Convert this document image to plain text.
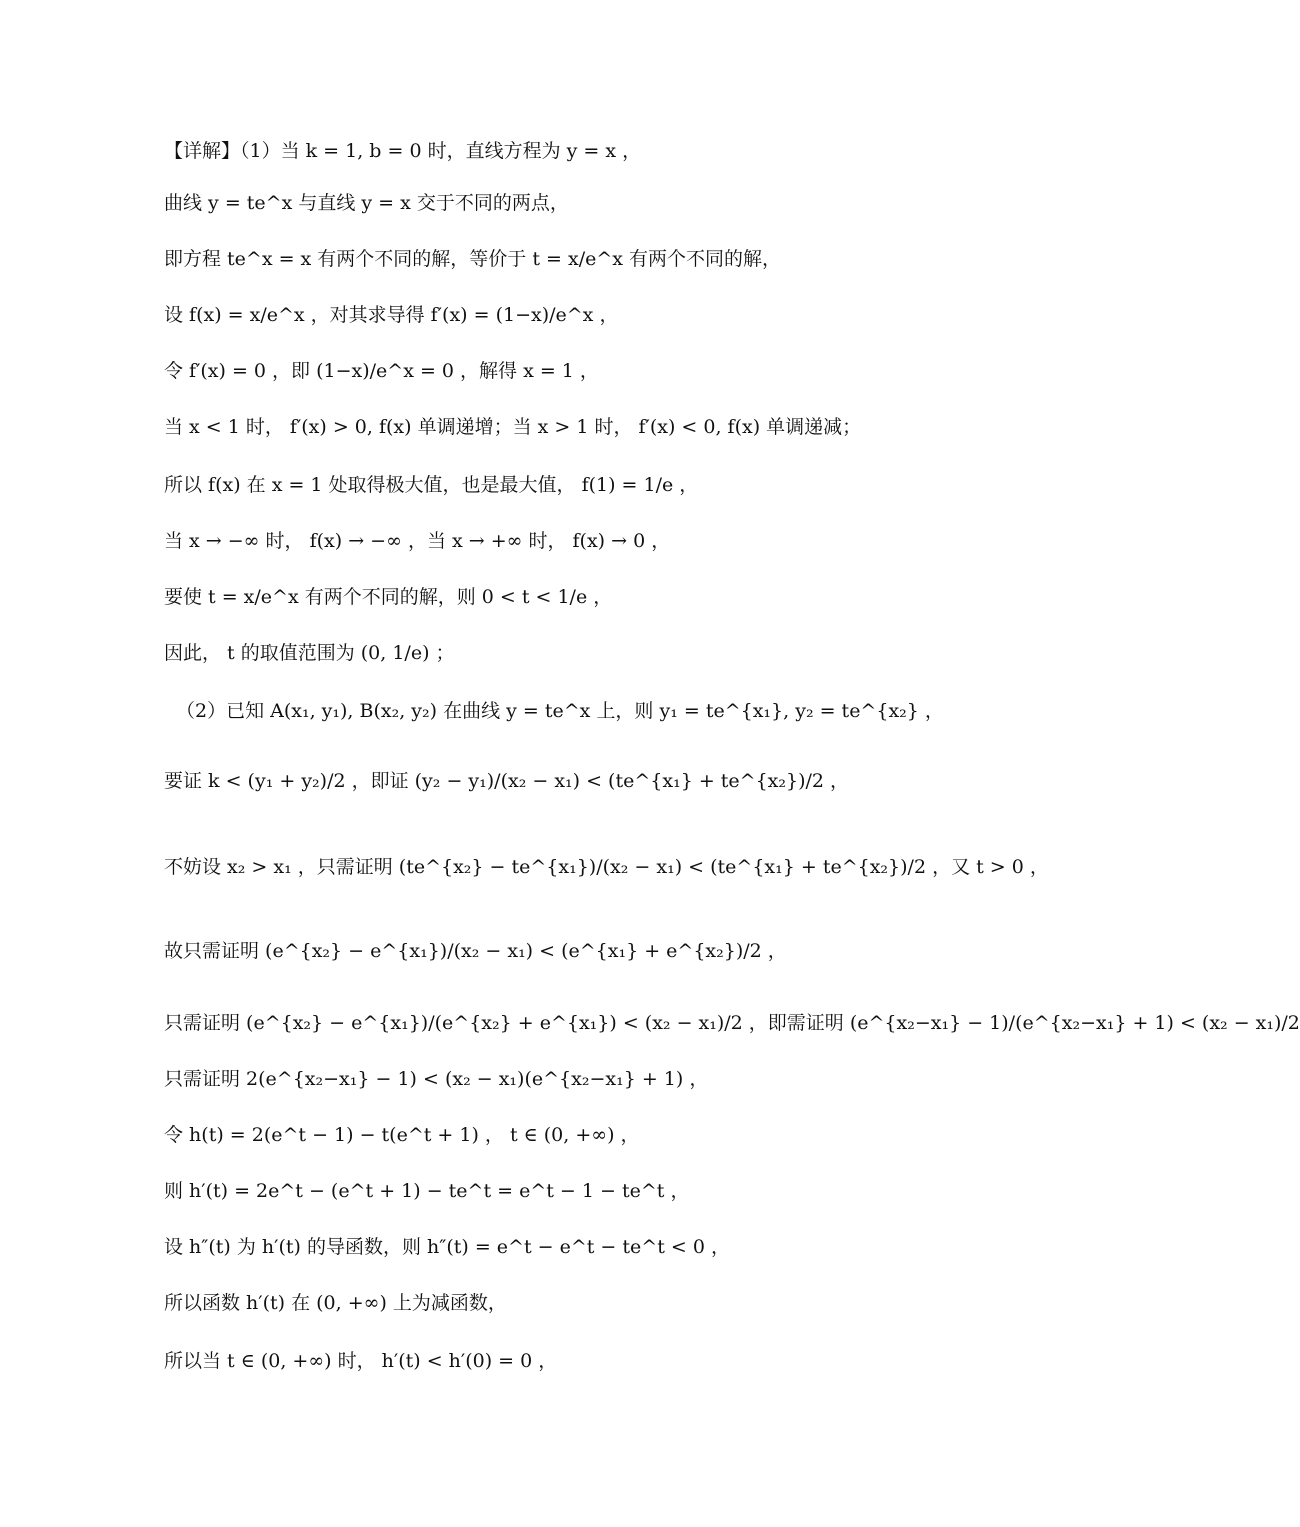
【详解】（1）当 k = 1, b = 0 时，直线方程为 y = x ，
曲线 y = te^x 与直线 y = x 交于不同的两点，
即方程 te^x = x 有两个不同的解，等价于 t = x/e^x 有两个不同的解，
设 f(x) = x/e^x ，对其求导得 f′(x) = (1−x)/e^x ，
令 f′(x) = 0 ，即 (1−x)/e^x = 0 ，解得 x = 1 ，
当 x < 1 时， f′(x) > 0, f(x) 单调递增；当 x > 1 时， f′(x) < 0, f(x) 单调递减；
所以 f(x) 在 x = 1 处取得极大值，也是最大值， f(1) = 1/e ，
当 x → −∞ 时， f(x) → −∞ ，当 x → +∞ 时， f(x) → 0 ，
要使 t = x/e^x 有两个不同的解，则 0 < t < 1/e ，
因此， t 的取值范围为 (0, 1/e) ；
（2）已知 A(x₁, y₁), B(x₂, y₂) 在曲线 y = te^x 上，则 y₁ = te^{x₁}, y₂ = te^{x₂} ，
要证 k < (y₁ + y₂)/2 ，即证 (y₂ − y₁)/(x₂ − x₁) < (te^{x₁} + te^{x₂})/2 ，
不妨设 x₂ > x₁ ，只需证明 (te^{x₂} − te^{x₁})/(x₂ − x₁) < (te^{x₁} + te^{x₂})/2 ，又 t > 0 ，
故只需证明 (e^{x₂} − e^{x₁})/(x₂ − x₁) < (e^{x₁} + e^{x₂})/2 ，
只需证明 (e^{x₂} − e^{x₁})/(e^{x₂} + e^{x₁}) < (x₂ − x₁)/2 ，即需证明 (e^{x₂−x₁} − 1)/(e^{x₂−x₁} + 1) < (x₂ − x₁)/2
只需证明 2(e^{x₂−x₁} − 1) < (x₂ − x₁)(e^{x₂−x₁} + 1) ，
令 h(t) = 2(e^t − 1) − t(e^t + 1) ， t ∈ (0, +∞) ，
则 h′(t) = 2e^t − (e^t + 1) − te^t = e^t − 1 − te^t ，
设 h″(t) 为 h′(t) 的导函数，则 h″(t) = e^t − e^t − te^t < 0 ，
所以函数 h′(t) 在 (0, +∞) 上为减函数，
所以当 t ∈ (0, +∞) 时， h′(t) < h′(0) = 0 ，
